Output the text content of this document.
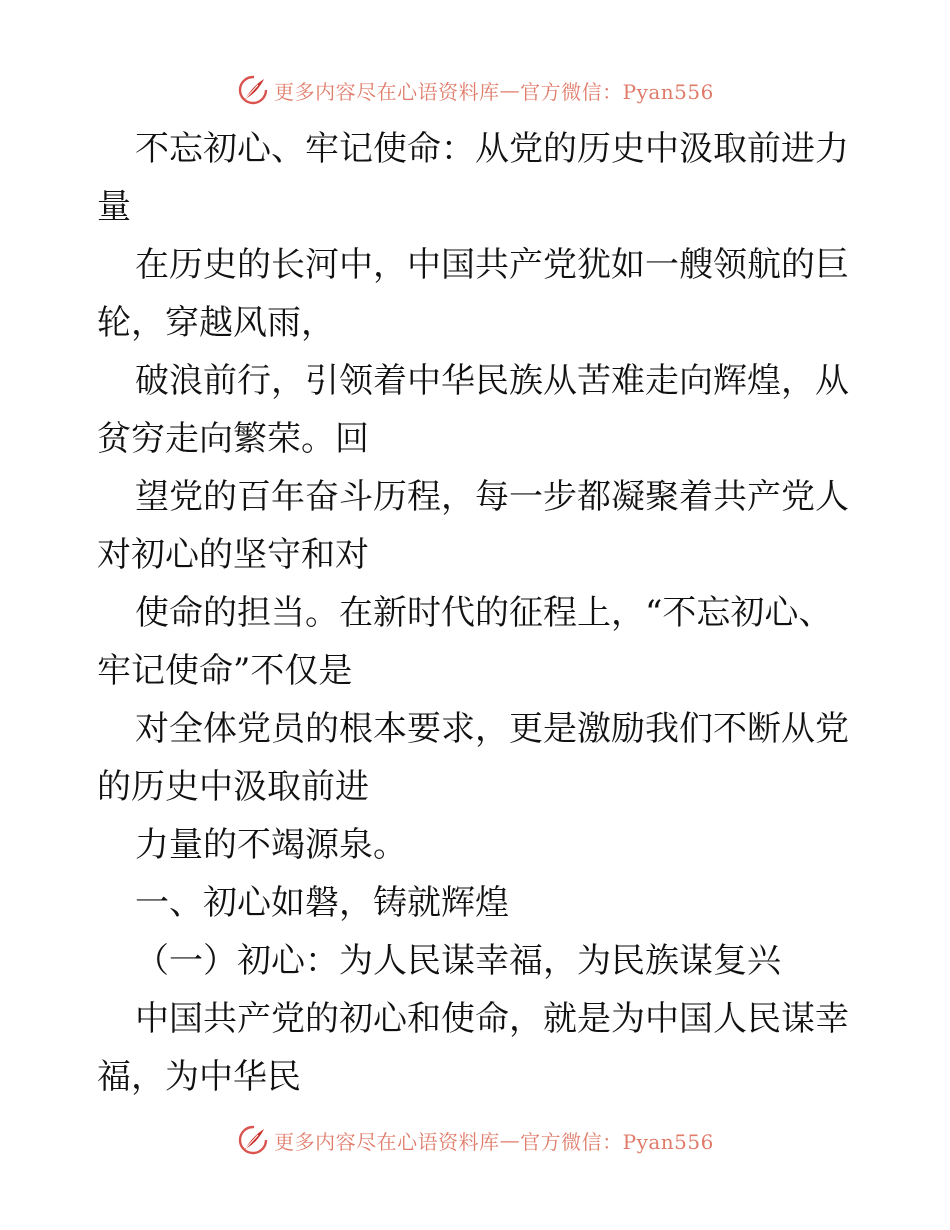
更多内容尽在心语资料库 — 官方微信：Pyan556
不忘初心、牢记使命：从党的历史中汲取前进力
量
在历史的长河中，中国共产党犹如一艘领航的巨
轮，穿越风雨，
破浪前行，引领着中华民族从苦难走向辉煌，从
贫穷走向繁荣。回
望党的百年奋斗历程，每一步都凝聚着共产党人
对初心的坚守和对
使命的担当。在新时代的征程上，“不忘初心、
牢记使命”不仅是
对全体党员的根本要求，更是激励我们不断从党
的历史中汲取前进
力量的不竭源泉。
一、初心如磐，铸就辉煌
（一）初心：为人民谋幸福，为民族谋复兴
中国共产党的初心和使命，就是为中国人民谋幸
福，为中华民
更多内容尽在心语资料库 — 官方微信：Pyan556
